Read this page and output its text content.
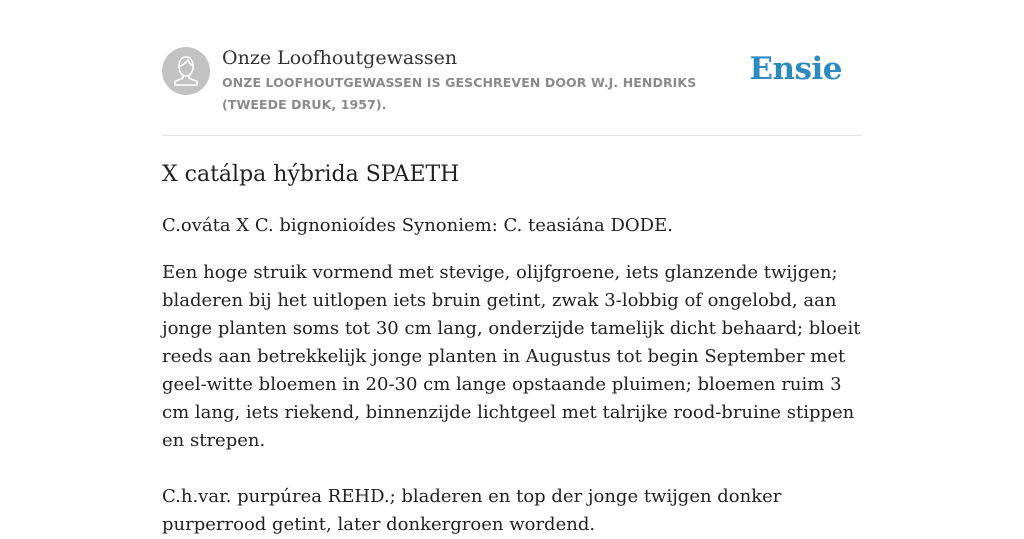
Onze Loofhoutgewassen
ONZE LOOFHOUTGEWASSEN IS GESCHREVEN DOOR W.J. HENDRIKS (TWEEDE DRUK, 1957).
Ensie
X catálpa hýbrida SPAETH

C.ováta X C. bignonioídes Synoniem: C. teasiána DODE.

Een hoge struik vormend met stevige, olijfgroene, iets glanzende twijgen; bladeren bij het uitlopen iets bruin getint, zwak 3-lobbig of ongelobd, aan jonge planten soms tot 30 cm lang, onderzijde tamelijk dicht behaard; bloeit reeds aan betrekkelijk jonge planten in Augustus tot begin September met geel-witte bloemen in 20-30 cm lange opstaande pluimen; bloemen ruim 3 cm lang, iets riekend, binnenzijde lichtgeel met talrijke rood-bruine stippen en strepen.

C.h.var. purpúrea REHD.; bladeren en top der jonge twijgen donker purperrood getint, later donkergroen wordend.
